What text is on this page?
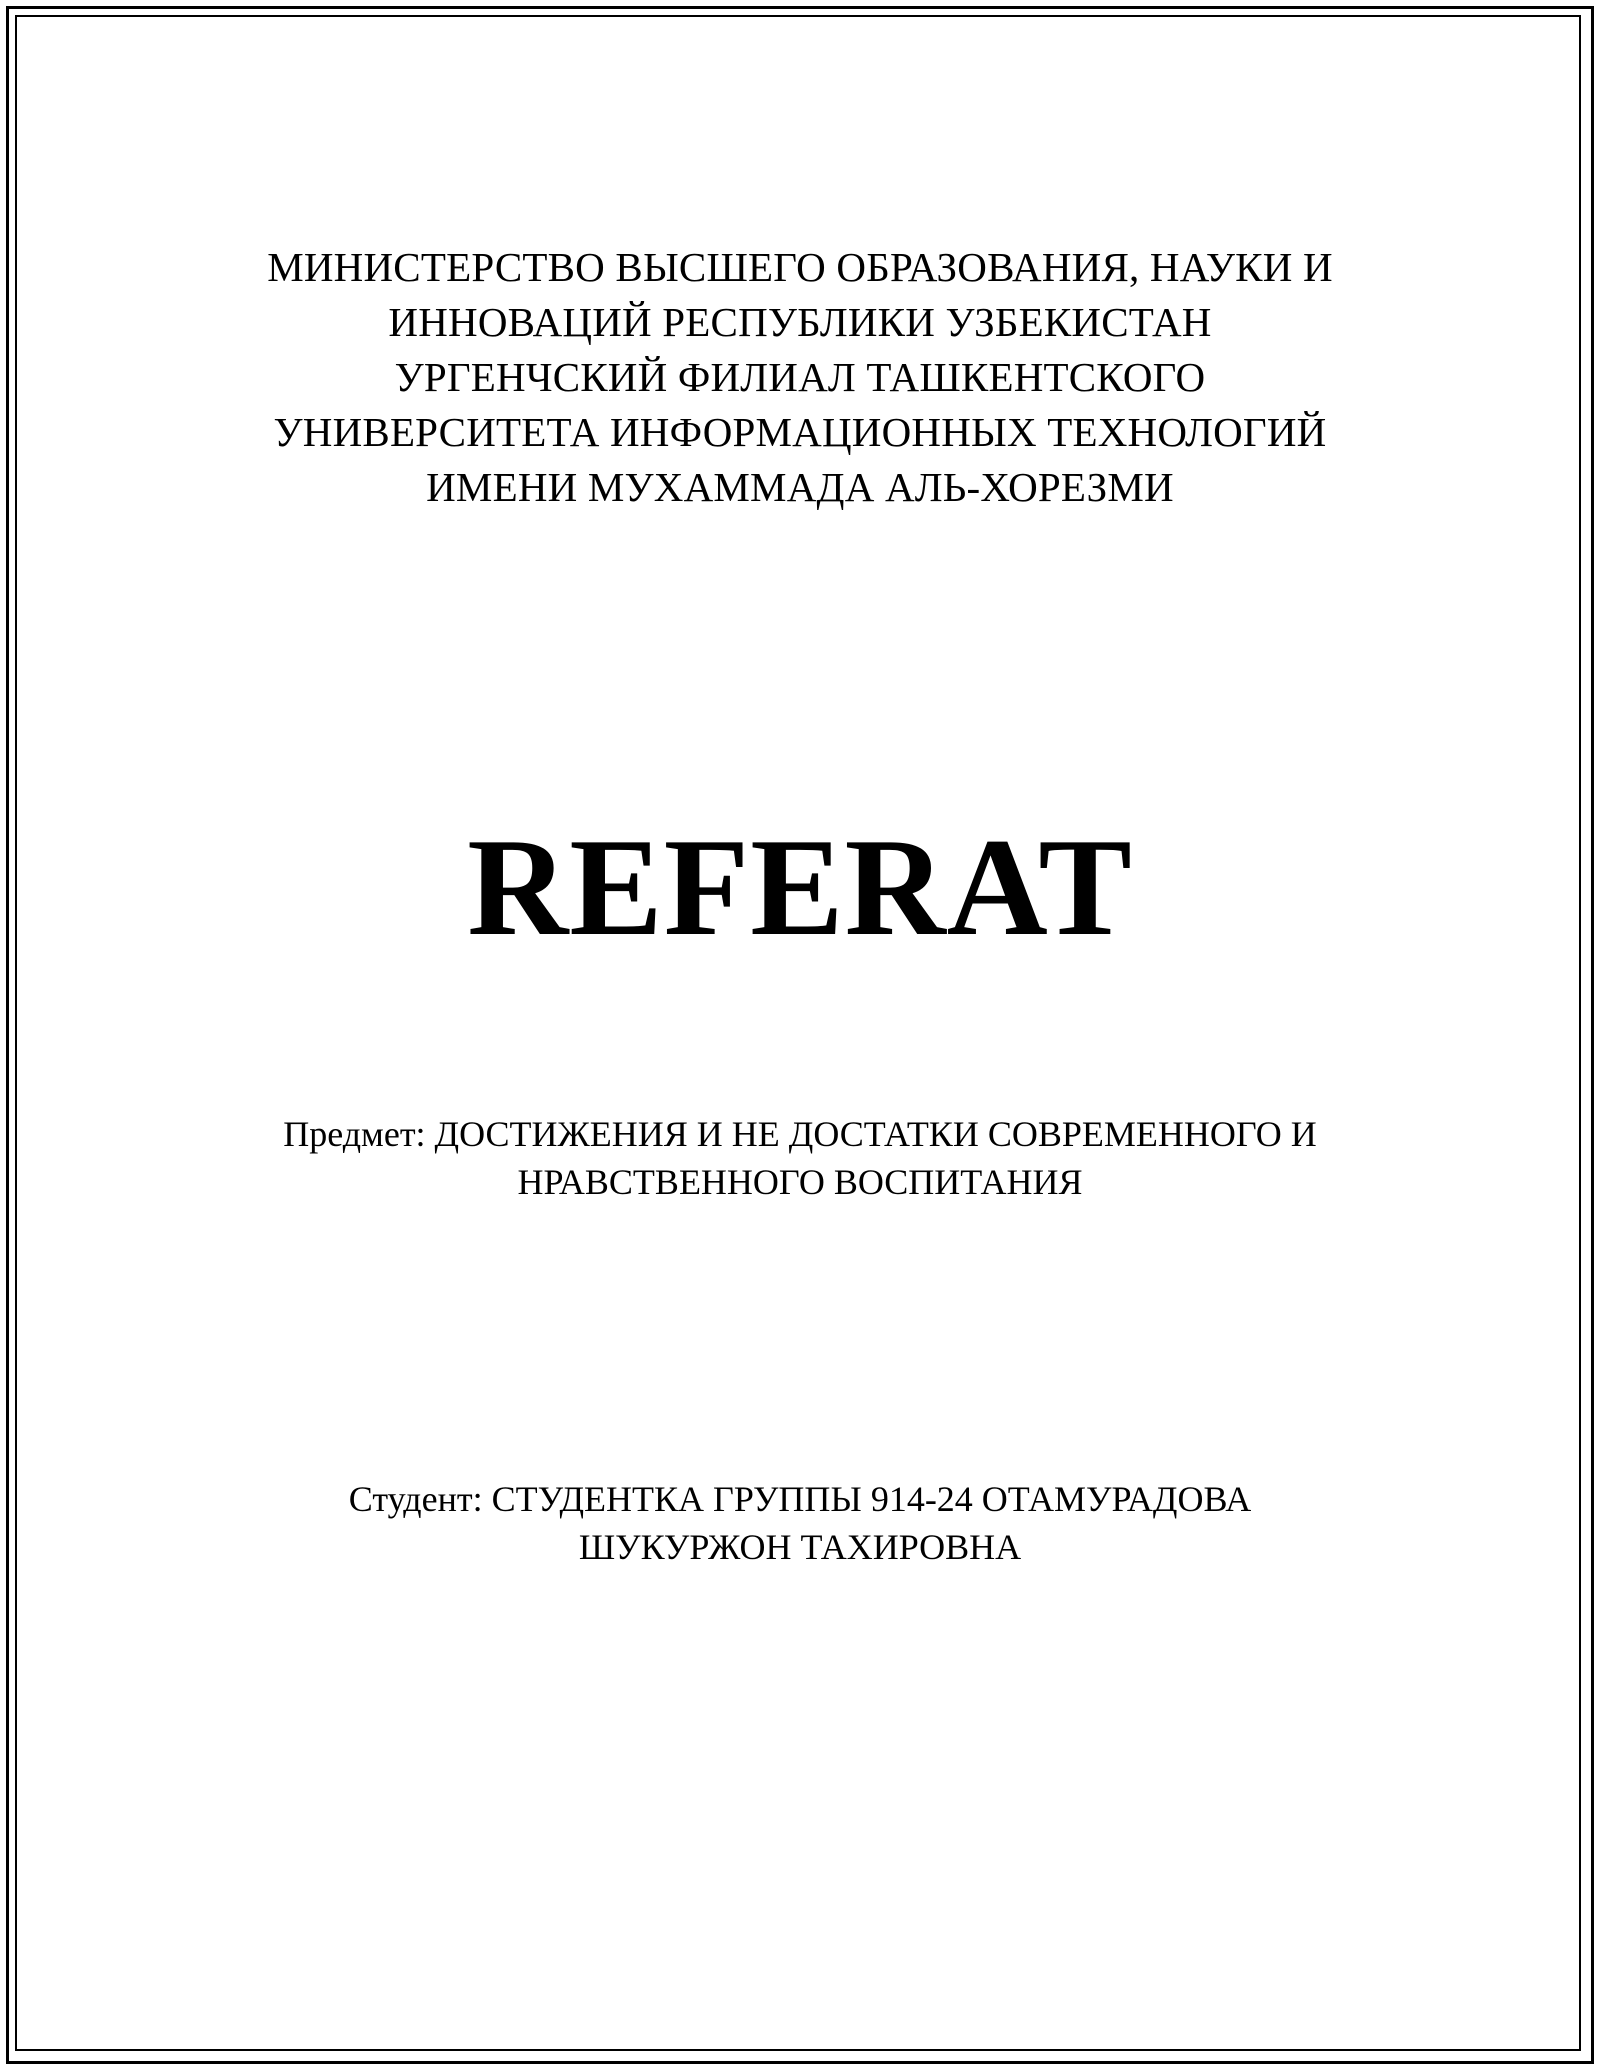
МИНИСТЕРСТВО ВЫСШЕГО ОБРАЗОВАНИЯ, НАУКИ И
ИННОВАЦИЙ РЕСПУБЛИКИ УЗБЕКИСТАН
УРГЕНЧСКИЙ ФИЛИАЛ ТАШКЕНТСКОГО
УНИВЕРСИТЕТА ИНФОРМАЦИОННЫХ ТЕХНОЛОГИЙ
ИМЕНИ МУХАММАДА АЛЬ-ХОРЕЗМИ
REFERAT
Предмет: ДОСТИЖЕНИЯ И НЕ ДОСТАТКИ СОВРЕМЕННОГО И
НРАВСТВЕННОГО ВОСПИТАНИЯ
Студент: СТУДЕНТКА ГРУППЫ 914-24 ОТАМУРАДОВА
ШУКУРЖОН ТАХИРОВНА
